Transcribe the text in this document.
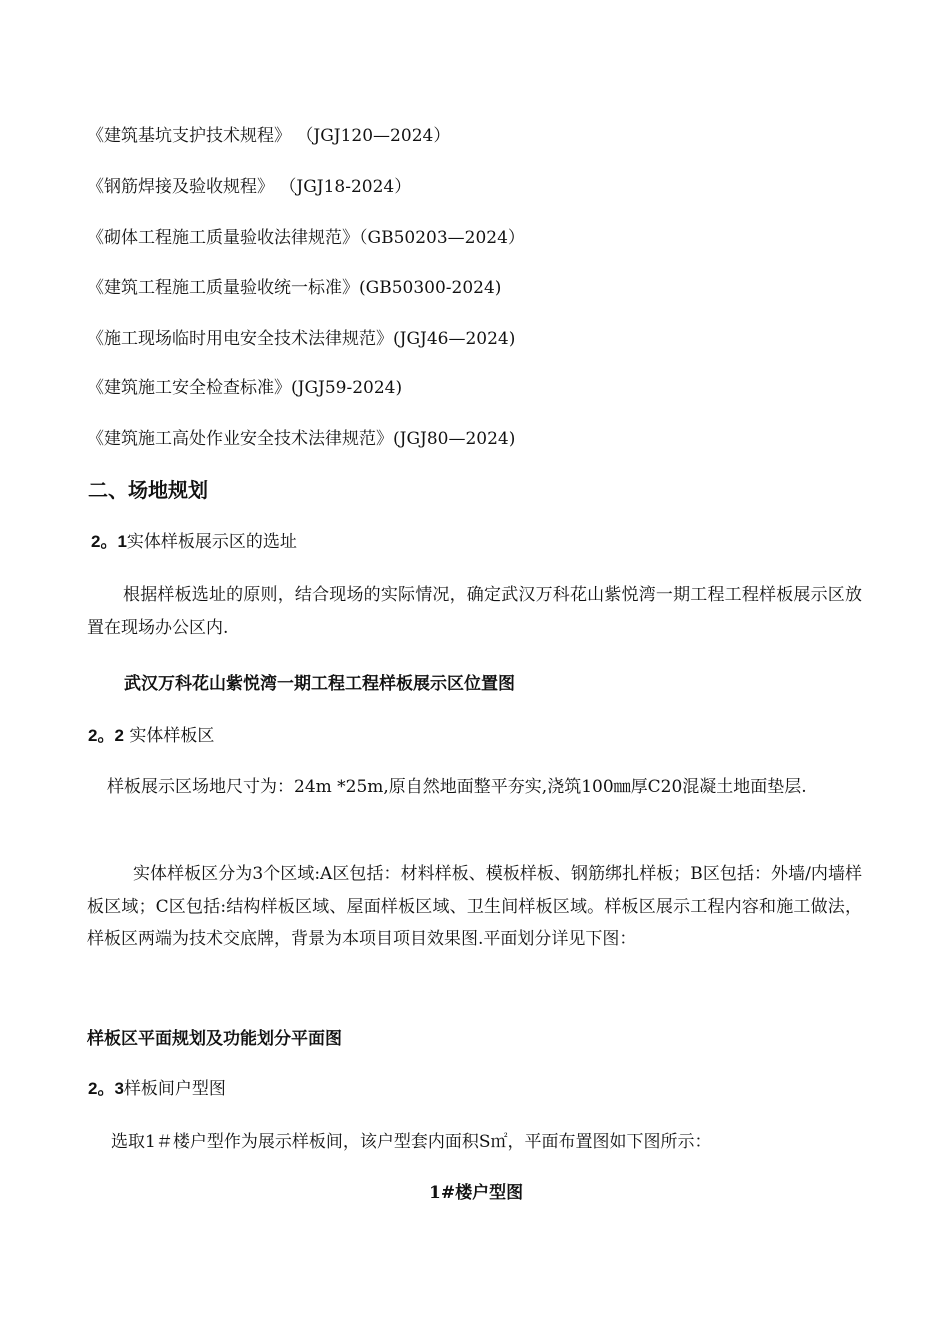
《建筑基坑支护技术规程》 （JGJ120—2024）
《钢筋焊接及验收规程》 （JGJ18-2024）
《砌体工程施工质量验收法律规范》（GB50203—2024）
《建筑工程施工质量验收统一标准》(GB50300-2024)
《施工现场临时用电安全技术法律规范》(JGJ46—2024)
《建筑施工安全检查标准》(JGJ59-2024)
《建筑施工高处作业安全技术法律规范》(JGJ80—2024)
二、场地规划
2。1实体样板展示区的选址
根据样板选址的原则，结合现场的实际情况，确定武汉万科花山紫悦湾一期工程工程样板展示区放置在现场办公区内.
武汉万科花山紫悦湾一期工程工程样板展示区位置图
2。2 实体样板区
样板展示区场地尺寸为：24m *25m,原自然地面整平夯实,浇筑100㎜厚C20混凝土地面垫层.
实体样板区分为3个区域:A区包括：材料样板、模板样板、钢筋绑扎样板；B区包括：外墙/内墙样板区域；C区包括:结构样板区域、屋面样板区域、卫生间样板区域。样板区展示工程内容和施工做法，样板区两端为技术交底牌，背景为本项目项目效果图.平面划分详见下图：
样板区平面规划及功能划分平面图
2。3样板间户型图
选取1＃楼户型作为展示样板间，该户型套内面积S㎡，平面布置图如下图所示：
1#楼户型图
